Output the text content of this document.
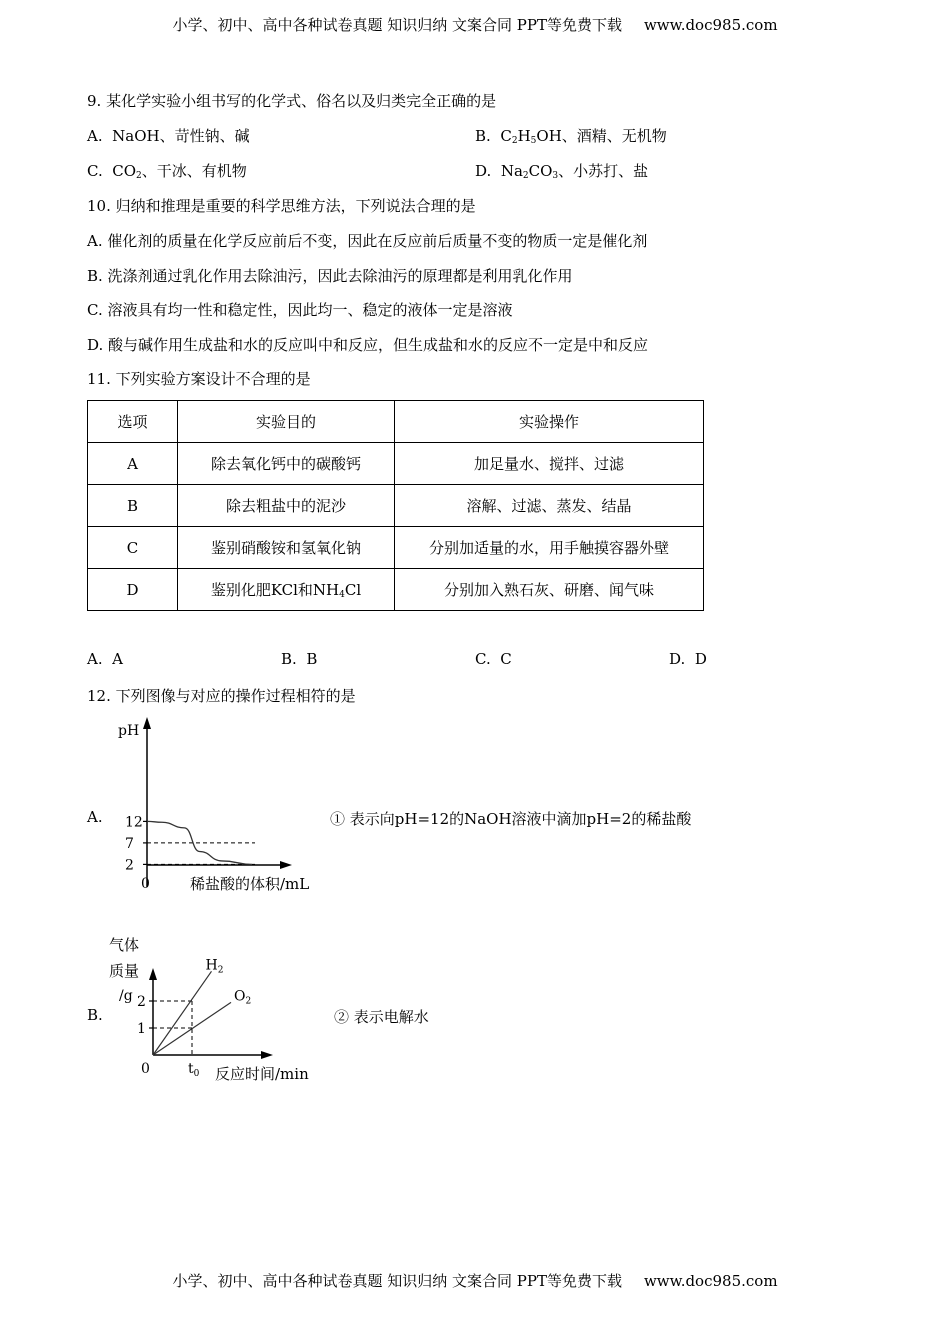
小学、初中、高中各种试卷真题 知识归纳 文案合同 PPT等免费下载 www.doc985.com
9. 某化学实验小组书写的化学式、俗名以及归类完全正确的是
A. NaOH、苛性钠、碱	B. $C_2H_5OH$、酒精、无机物
C. $CO_2$、干冰、有机物	D. $Na_2CO_3$、小苏打、盐
10. 归纳和推理是重要的科学思维方法，下列说法合理的是
A. 催化剂的质量在化学反应前后不变，因此在反应前后质量不变的物质一定是催化剂
B. 洗涤剂通过乳化作用去除油污，因此去除油污的原理都是利用乳化作用
C. 溶液具有均一性和稳定性，因此均一、稳定的液体一定是溶液
D. 酸与碱作用生成盐和水的反应叫中和反应，但生成盐和水的反应不一定是中和反应
11. 下列实验方案设计不合理的是
选项	实验目的	实验操作
A	除去氧化钙中的碳酸钙	加足量水、搅拌、过滤
B	除去粗盐中的泥沙	溶解、过滤、蒸发、结晶
C	鉴别硝酸铵和氢氧化钠	分别加适量的水，用手触摸容器外壁
D	鉴别化肥KCl和$NH_4Cl$	分别加入熟石灰、研磨、闻气味
A. A	B. B	C. C	D. D
12. 下列图像与对应的操作过程相符的是
A.	① 表示向pH=12的NaOH溶液中滴加pH=2的稀盐酸
pH
0	稀盐酸的体积/mL
12
7
2
B.	② 表示电解水
气体
质量
/g
0	反应时间/min
2
1
$t_0$
$H_2$
$O_2$
小学、初中、高中各种试卷真题 知识归纳 文案合同 PPT等免费下载 www.doc985.com
